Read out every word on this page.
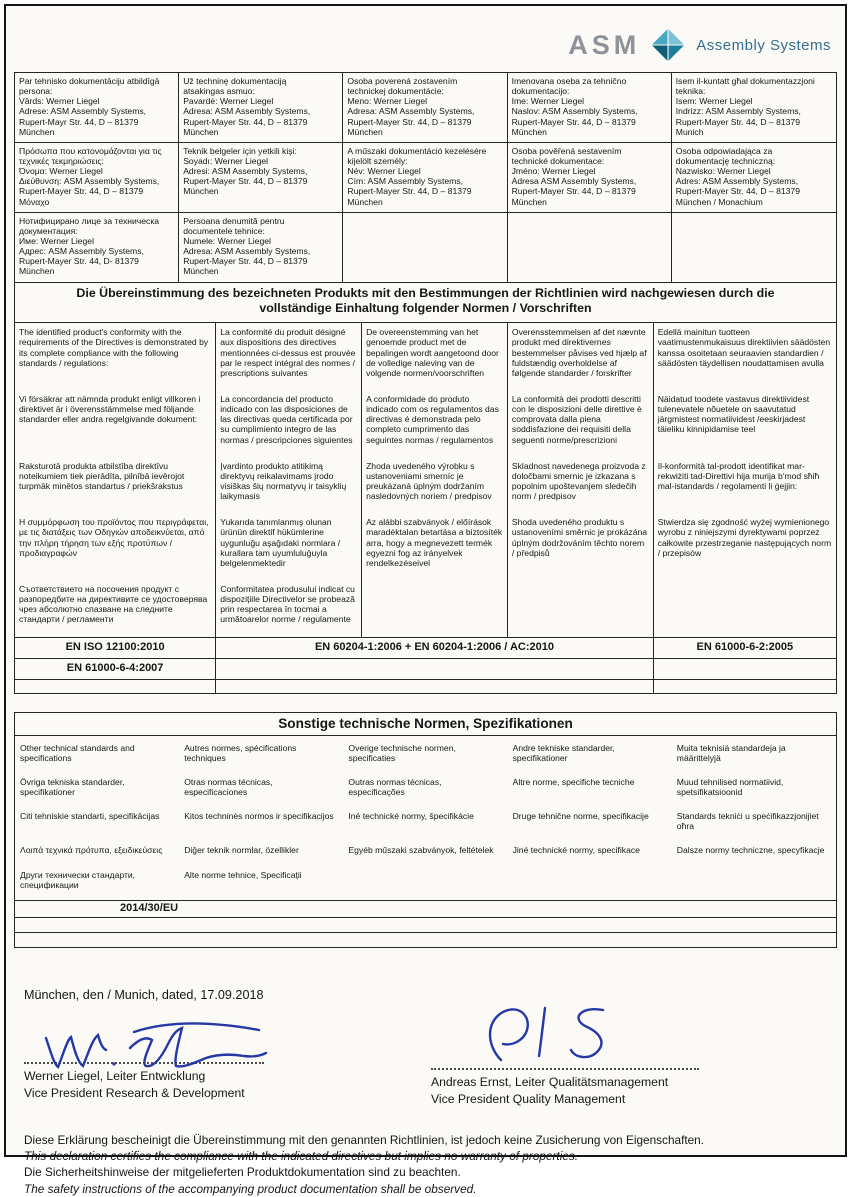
ASM	Assembly Systems
Par tehnisko dokumentāciju atbildīgā
persona:
Vārds: Werner Liegel
Adrese: ASM Assembly Systems,
Rupert-Mayr Str. 44, D – 81379
München
Už techninę dokumentaciją
atsakingas asmuo:
Pavardė: Werner Liegel
Adresa: ASM Assembly Systems,
Rupert-Mayer Str. 44, D – 81379
München
Osoba poverená zostavením
technickej dokumentácie:
Meno: Werner Liegel
Adresa: ASM Assembly Systems,
Rupert-Mayer Str. 44, D – 81379
München
Imenovana oseba za tehnično
dokumentacijo:
Ime: Werner Liegel
Naslov: ASM Assembly Systems,
Rupert-Mayer Str. 44, D – 81379
München
Isem il-kuntatt għal dokumentazzjoni
teknika:
Isem: Werner Liegel
Indrizz: ASM Assembly Systems,
Rupert-Mayer Str. 44, D – 81379
Munich
Πρόσωπα που κατονομάζονται για τις
τεχνικές τεκμηριώσεις:
Όνομα: Werner Liegel
Διεύθυνση: ASM Assembly Systems,
Rupert-Mayer Str. 44, D – 81379 Μόναχο
Teknik belgeler için yetkili kişi:
Soyadı: Werner Liegel
Adresi: ASM Assembly Systems,
Rupert-Mayer Str. 44, D – 81379
München
A műszaki dokumentáció kezelésére
kijelölt személy:
Név: Werner Liegel
Cím: ASM Assembly Systems,
Rupert-Mayer Str. 44, D – 81379
München
Osoba pověřená sestavením
technické dokumentace:
Jméno: Werner Liegel
Adresa ASM Assembly Systems,
Rupert-Mayer Str. 44, D – 81379
München
Osoba odpowiadająca za
dokumentację techniczną:
Nazwisko: Werner Liegel
Adres: ASM Assembly Systems,
Rupert-Mayer Str. 44, D – 81379
München / Monachium
Нотифицирано лице за техническа
документация:
Име: Werner Liegel
Адрес: ASM Assembly Systems,
Rupert-Mayer Str. 44, D- 81379
München
Persoana denumită pentru
documentele tehnice:
Numele: Werner Liegel
Adresa: ASM Assembly Systems,
Rupert-Mayer Str. 44, D – 81379
München
Die Übereinstimmung des bezeichneten Produkts mit den Bestimmungen der Richtlinien wird nachgewiesen durch die vollständige Einhaltung folgender Normen / Vorschriften
The identified product's conformity with the requirements of the Directives is demonstrated by its complete compliance with the following standards / regulations:
La conformité du produit désigné aux dispositions des directives mentionnées ci-dessus est prouvée par le respect intégral des normes / prescriptions suivantes
De overeenstemming van het genoemde product met de bepalingen wordt aangetoond door de volledige naleving van de volgende normen/voorschriften
Overensstemmelsen af det nævnte produkt med direktivernes bestemmelser påvises ved hjælp af fuldstændig overholdelse af følgende standarder / forskrifter
Edellä mainitun tuotteen vaatimustenmukaisuus direktiivien säädösten kanssa osoitetaan seuraavien standardien / säädösten täydellisen noudattamisen avulla
Vi försäkrar att nämnda produkt enligt villkoren i direktivet är i överensstämmelse med följande standarder eller andra regelgivande dokument:
La concordancia del producto indicado con las disposiciones de las directivas queda certificada por su cumplimiento integro de las normas / prescripciones siguientes
A conformidade do produto indicado com os regulamentos das directivas é demonstrada pelo completo cumprimento das seguintes normas / regulamentos
La conformità dei prodotti descritti con le disposizioni delle direttive è comprovata dalla piena soddisfazione dei requisiti della seguenti norme/prescrizioni
Näidatud toodete vastavus direktiividest tulenevatele nõuetele on saavutatud järgmistest normatiividest /eeskirjadest täieliku kinnipidamise teel
Raksturotā produkta atbilstība direktīvu noteikumiem tiek pierādīta, pilnībā ievērojot turpmāk minētos standartus / priekšrakstus
Įvardinto produkto atitikimą direktyvų reikalavimams įrodo visiškas šių normatyvų ir taisyklių laikymasis
Zhoda uvedeného výrobku s ustanoveniami smerníc je preukázaná úplným dodržaním nasledovných noriem / predpisov
Skladnost navedenega proizvoda z določbami smernic je izkazana s popolnim upoštevanjem sledečih norm / predpisov
Il-konformità tal-prodott identifikat mar-rekwiżiti tad-Direttivi hija murija b'mod sħiħ mal-istandards / regolamenti li ġejjin:
Η συμμόρφωση του προϊόντος που περιγράφεται, με τις διατάξεις των Οδηγιών αποδεικνύεται, από την πλήρη τήρηση των εξής προτύπων / προδιαγραφών
Yukarıda tanımlanmış olunan ürünün direktif hükümlerine uygunluğu aşağıdaki normlara / kurallara tam uyumluluğuyla belgelenmektedir
Az alábbi szabványok / előírások maradéktalan betartása a biztosíték arra, hogy a megnevezett termék egyezni fog az irányelvek rendelkezéseivel
Shoda uvedeného produktu s ustanoveními směrnic je prokázána úplným dodržováním těchto norem / předpisů
Stwierdza się zgodność wyżej wymienionego wyrobu z niniejszymi dyrektywami poprzez całkowite przestrzeganie następujących norm / przepisów
Съответствието на посочения продукт с разпоредбите на директивите се удостоверява чрез абсолютно спазване на следните стандарти / регламенти
Conformitatea produsului indicat cu dispozițiile Directivelor se probează prin respectarea în tocmai a următoarelor norme / regulamente
EN ISO 12100:2010	EN 60204-1:2006 + EN 60204-1:2006 / AC:2010	EN 61000-6-2:2005
EN 61000-6-4:2007
Sonstige technische Normen, Spezifikationen
Other technical standards and specifications
Autres normes, spécifications techniques
Overige technische normen, specificaties
Andre tekniske standarder, specifikationer
Muita teknisiä standardeja ja määrittelyjä
Övriga tekniska standarder, specifikationer
Otras normas técnicas, especificaciones
Outras normas técnicas, especificações
Altre norme, specifiche tecniche	Muud tehnilised normatiivid, spetsifikatsioonid
Citi tehniskie standarti, specifikācijas	Kitos techninės normos ir specifikacijos	Iné technické normy, špecifikácie	Druge tehnične norme, specifikacije	Standards tekniċi u speċifikazzjonijiet oħra
Λοιπά τεχνικά πρότυπα, εξειδικεύσεις	Diğer teknik normlar, özellikler	Egyéb műszaki szabványok, feltételek	Jiné technické normy, specifikace	Dalsze normy techniczne, specyfikacje
Други технически стандарти, спецификации
Alte norme tehnice, Specificații
2014/30/EU
München, den / Munich, dated, 17.09.2018
Werner Liegel, Leiter Entwicklung
Vice President Research & Development
Andreas Ernst, Leiter Qualitätsmanagement
Vice President Quality Management
Diese Erklärung bescheinigt die Übereinstimmung mit den genannten Richtlinien, ist jedoch keine Zusicherung von Eigenschaften.
This declaration certifies the compliance with the indicated directives but implies no warranty of properties.
Die Sicherheitshinweise der mitgelieferten Produktdokumentation sind zu beachten.
The safety instructions of the accompanying product documentation shall be observed.
